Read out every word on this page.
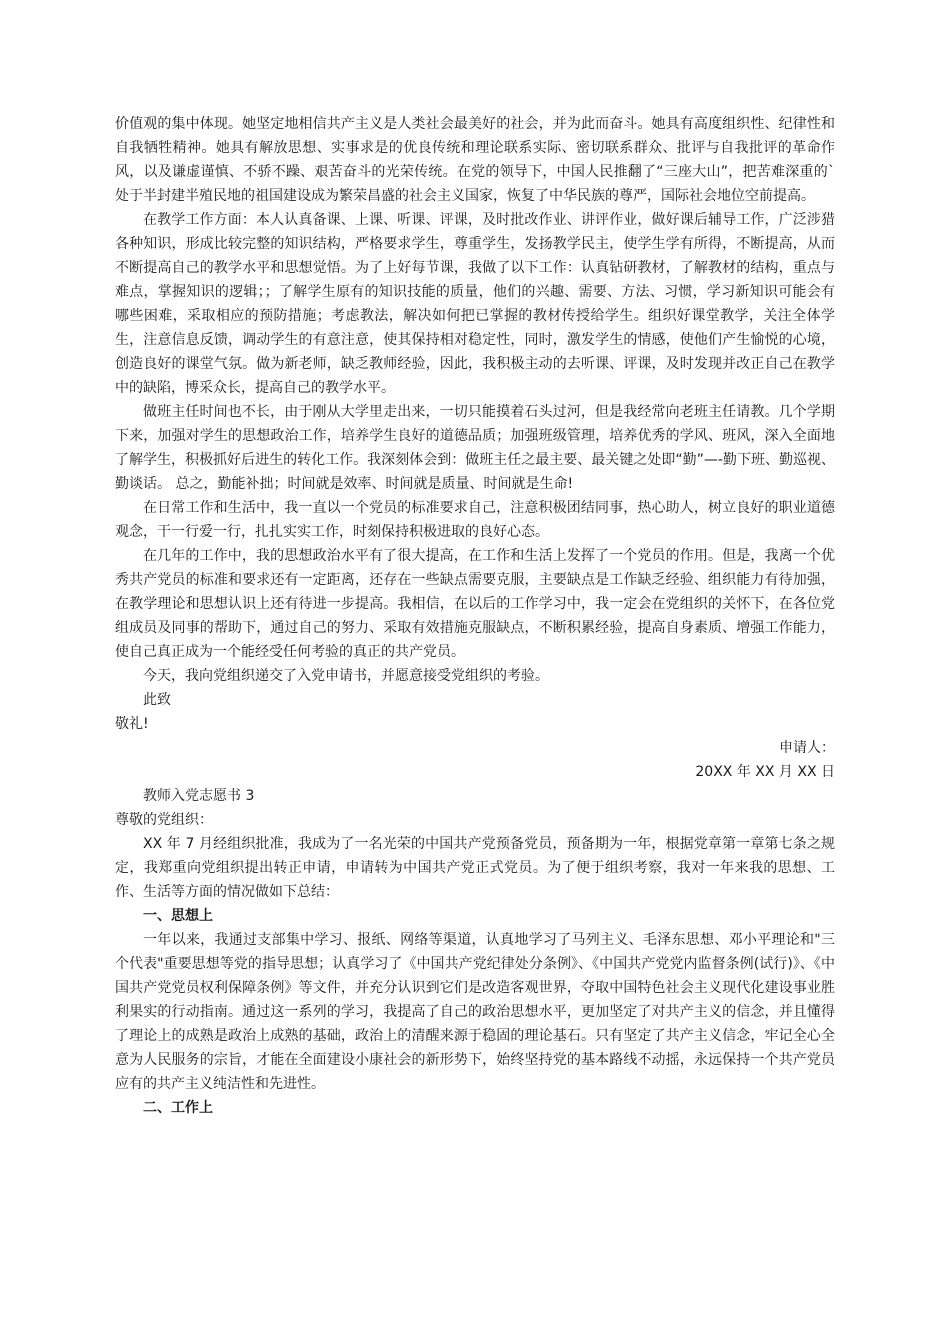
价值观的集中体现。她坚定地相信共产主义是人类社会最美好的社会，并为此而奋斗。她具有高度组织性、纪律性和自我牺牲精神。她具有解放思想、实事求是的优良传统和理论联系实际、密切联系群众、批评与自我批评的革命作风，以及谦虚谨慎、不骄不躁、艰苦奋斗的光荣传统。在党的领导下，中国人民推翻了“三座大山”，把苦难深重的`处于半封建半殖民地的祖国建设成为繁荣昌盛的社会主义国家，恢复了中华民族的尊严，国际社会地位空前提高。

在教学工作方面：本人认真备课、上课、听课、评课，及时批改作业、讲评作业，做好课后辅导工作，广泛涉猎各种知识，形成比较完整的知识结构，严格要求学生，尊重学生，发扬教学民主，使学生学有所得，不断提高，从而不断提高自己的教学水平和思想觉悟。为了上好每节课，我做了以下工作：认真钻研教材，了解教材的结构，重点与难点，掌握知识的逻辑；；了解学生原有的知识技能的质量，他们的兴趣、需要、方法、习惯，学习新知识可能会有哪些困难，采取相应的预防措施；考虑教法，解决如何把已掌握的教材传授给学生。组织好课堂教学，关注全体学生，注意信息反馈，调动学生的有意注意，使其保持相对稳定性，同时，激发学生的情感，使他们产生愉悦的心境，创造良好的课堂气氛。做为新老师，缺乏教师经验，因此，我积极主动的去听课、评课，及时发现并改正自己在教学中的缺陷，博采众长，提高自己的教学水平。

做班主任时间也不长，由于刚从大学里走出来，一切只能摸着石头过河，但是我经常向老班主任请教。几个学期下来，加强对学生的思想政治工作，培养学生良好的道德品质；加强班级管理，培养优秀的学风、班风，深入全面地了解学生，积极抓好后进生的转化工作。我深刻体会到：做班主任之最主要、最关键之处即“勤”—-勤下班、勤巡视、勤谈话。 总之，勤能补拙；时间就是效率、时间就是质量、时间就是生命!

在日常工作和生活中，我一直以一个党员的标准要求自己，注意积极团结同事，热心助人，树立良好的职业道德观念，干一行爱一行，扎扎实实工作，时刻保持积极进取的良好心态。

在几年的工作中，我的思想政治水平有了很大提高，在工作和生活上发挥了一个党员的作用。但是，我离一个优秀共产党员的标准和要求还有一定距离，还存在一些缺点需要克服，主要缺点是工作缺乏经验、组织能力有待加强，在教学理论和思想认识上还有待进一步提高。我相信，在以后的工作学习中，我一定会在党组织的关怀下，在各位党组成员及同事的帮助下，通过自己的努力、采取有效措施克服缺点，不断积累经验，提高自身素质、增强工作能力，使自己真正成为一个能经受任何考验的真正的共产党员。

今天，我向党组织递交了入党申请书，并愿意接受党组织的考验。

此致

敬礼!

申请人：

20XX 年 XX 月 XX 日

教师入党志愿书 3

尊敬的党组织：

XX 年 7 月经组织批准，我成为了一名光荣的中国共产党预备党员，预备期为一年，根据党章第一章第七条之规定，我郑重向党组织提出转正申请，申请转为中国共产党正式党员。为了便于组织考察，我对一年来我的思想、工作、生活等方面的情况做如下总结：

一、思想上

一年以来，我通过支部集中学习、报纸、网络等渠道，认真地学习了马列主义、毛泽东思想、邓小平理论和"三个代表"重要思想等党的指导思想；认真学习了《中国共产党纪律处分条例》、《中国共产党党内监督条例(试行)》、《中国共产党党员权利保障条例》等文件，并充分认识到它们是改造客观世界，夺取中国特色社会主义现代化建设事业胜利果实的行动指南。通过这一系列的学习，我提高了自己的政治思想水平，更加坚定了对共产主义的信念，并且懂得了理论上的成熟是政治上成熟的基础，政治上的清醒来源于稳固的理论基石。只有坚定了共产主义信念，牢记全心全意为人民服务的宗旨，才能在全面建设小康社会的新形势下，始终坚持党的基本路线不动摇，永远保持一个共产党员应有的共产主义纯洁性和先进性。

二、工作上
